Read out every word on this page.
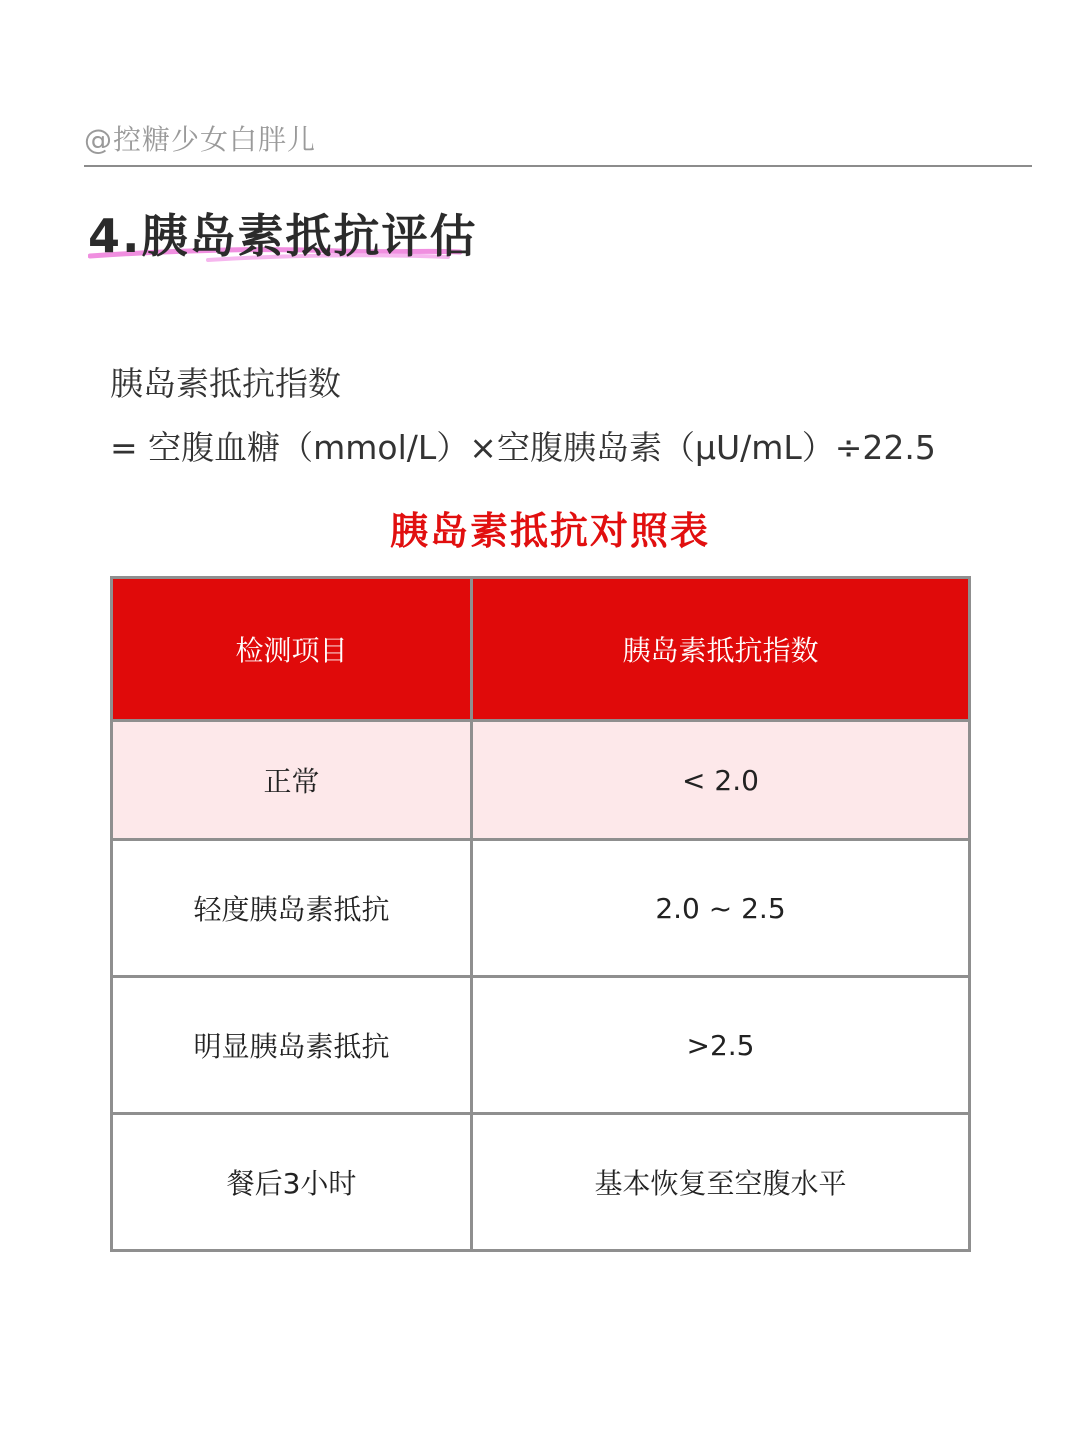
@控糖少女白胖儿
4.胰岛素抵抗评估
胰岛素抵抗指数
= 空腹血糖（mmol/L）×空腹胰岛素（μU/mL）÷22.5
胰岛素抵抗对照表
检测项目	胰岛素抵抗指数
正常	< 2.0
轻度胰岛素抵抗	2.0 ~ 2.5
明显胰岛素抵抗	>2.5
餐后3小时	基本恢复至空腹水平
